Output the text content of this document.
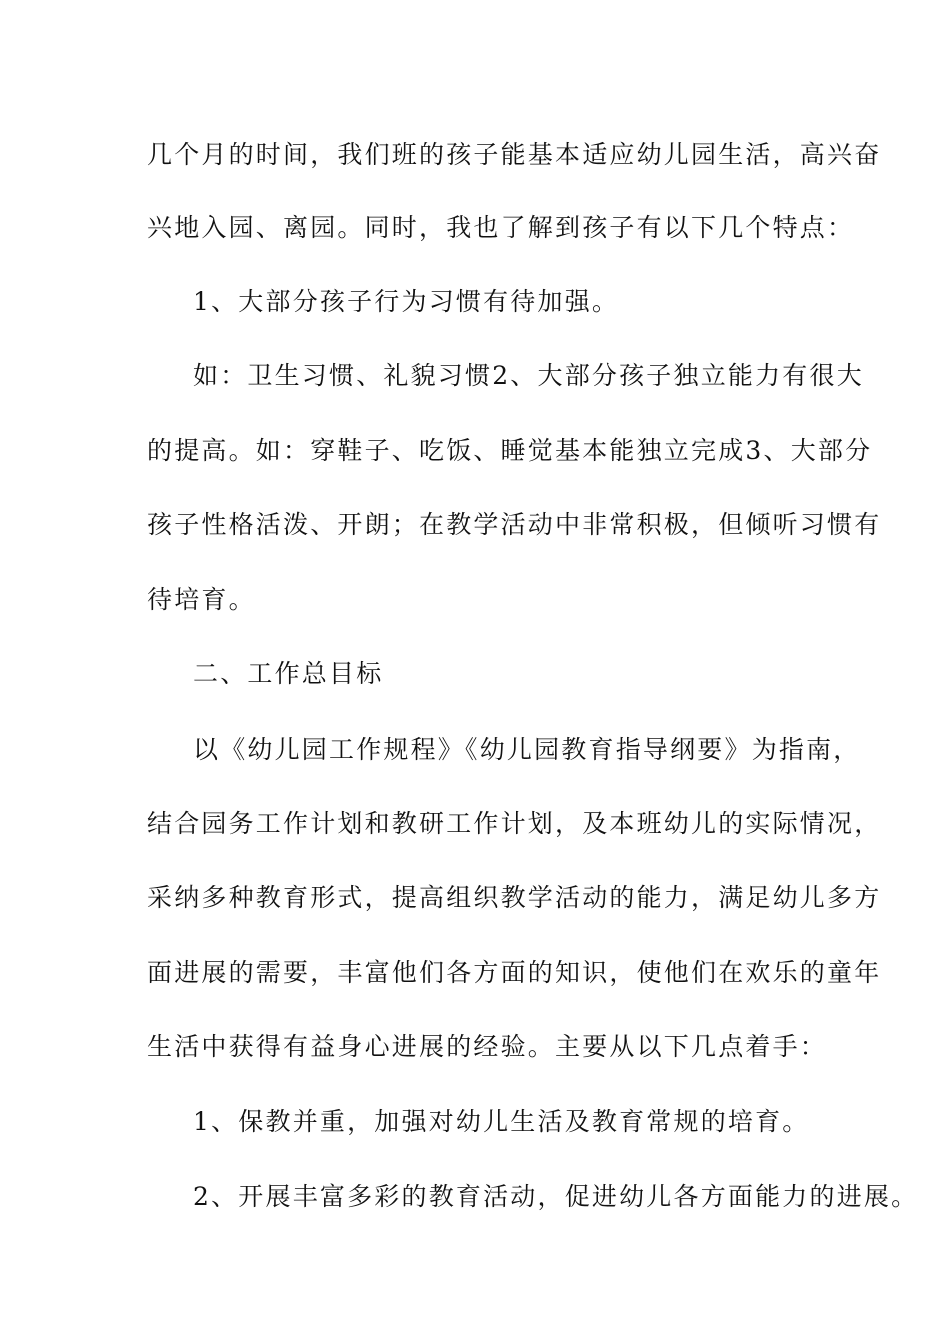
几个月的时间，我们班的孩子能基本适应幼儿园生活，高兴奋
兴地入园、离园。同时，我也了解到孩子有以下几个特点：
1、大部分孩子行为习惯有待加强。
如：卫生习惯、礼貌习惯2、大部分孩子独立能力有很大
的提高。如：穿鞋子、吃饭、睡觉基本能独立完成3、大部分
孩子性格活泼、开朗；在教学活动中非常积极，但倾听习惯有
待培育。
二、工作总目标
以《幼儿园工作规程》《幼儿园教育指导纲要》为指南，
结合园务工作计划和教研工作计划，及本班幼儿的实际情况，
采纳多种教育形式，提高组织教学活动的能力，满足幼儿多方
面进展的需要，丰富他们各方面的知识，使他们在欢乐的童年
生活中获得有益身心进展的经验。主要从以下几点着手：
1、保教并重，加强对幼儿生活及教育常规的培育。
2、开展丰富多彩的教育活动，促进幼儿各方面能力的进展。
